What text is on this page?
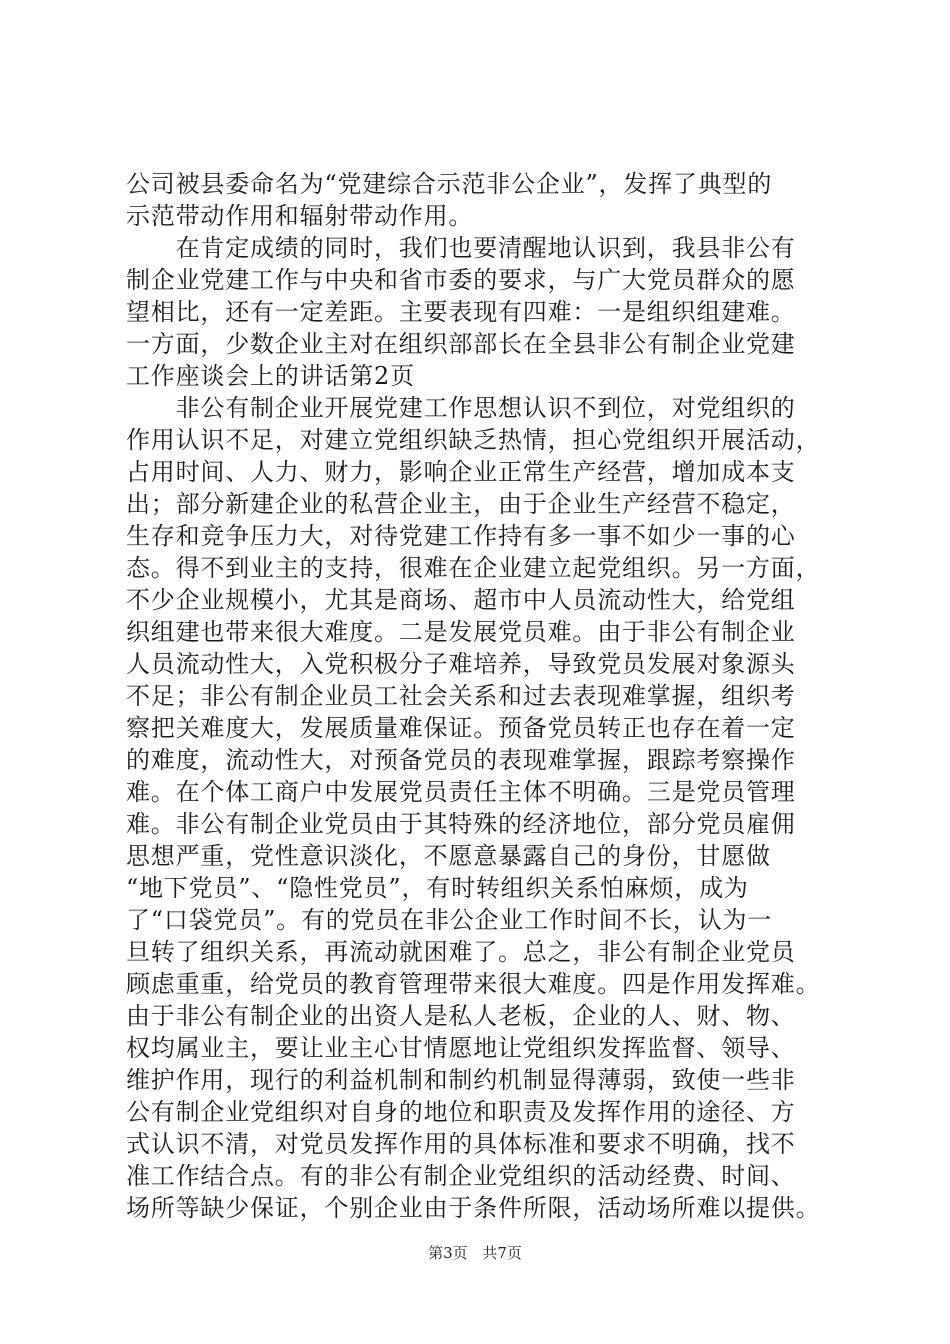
公司被县委命名为“党建综合示范非公企业”，发挥了典型的
示范带动作用和辐射带动作用。
　　在肯定成绩的同时，我们也要清醒地认识到，我县非公有
制企业党建工作与中央和省市委的要求，与广大党员群众的愿
望相比，还有一定差距。主要表现有四难：一是组织组建难。
一方面，少数企业主对在组织部部长在全县非公有制企业党建
工作座谈会上的讲话第2页
　　非公有制企业开展党建工作思想认识不到位，对党组织的
作用认识不足，对建立党组织缺乏热情，担心党组织开展活动，
占用时间、人力、财力，影响企业正常生产经营，增加成本支
出；部分新建企业的私营企业主，由于企业生产经营不稳定，
生存和竞争压力大，对待党建工作持有多一事不如少一事的心
态。得不到业主的支持，很难在企业建立起党组织。另一方面，
不少企业规模小，尤其是商场、超市中人员流动性大，给党组
织组建也带来很大难度。二是发展党员难。由于非公有制企业
人员流动性大，入党积极分子难培养，导致党员发展对象源头
不足；非公有制企业员工社会关系和过去表现难掌握，组织考
察把关难度大，发展质量难保证。预备党员转正也存在着一定
的难度，流动性大，对预备党员的表现难掌握，跟踪考察操作
难。在个体工商户中发展党员责任主体不明确。三是党员管理
难。非公有制企业党员由于其特殊的经济地位，部分党员雇佣
思想严重，党性意识淡化，不愿意暴露自己的身份，甘愿做
“地下党员”、“隐性党员”，有时转组织关系怕麻烦，成为
了“口袋党员”。有的党员在非公企业工作时间不长，认为一
旦转了组织关系，再流动就困难了。总之，非公有制企业党员
顾虑重重，给党员的教育管理带来很大难度。四是作用发挥难。
由于非公有制企业的出资人是私人老板，企业的人、财、物、
权均属业主，要让业主心甘情愿地让党组织发挥监督、领导、
维护作用，现行的利益机制和制约机制显得薄弱，致使一些非
公有制企业党组织对自身的地位和职责及发挥作用的途径、方
式认识不清，对党员发挥作用的具体标准和要求不明确，找不
准工作结合点。有的非公有制企业党组织的活动经费、时间、
场所等缺少保证，个别企业由于条件所限，活动场所难以提供。
第3页 共7页
